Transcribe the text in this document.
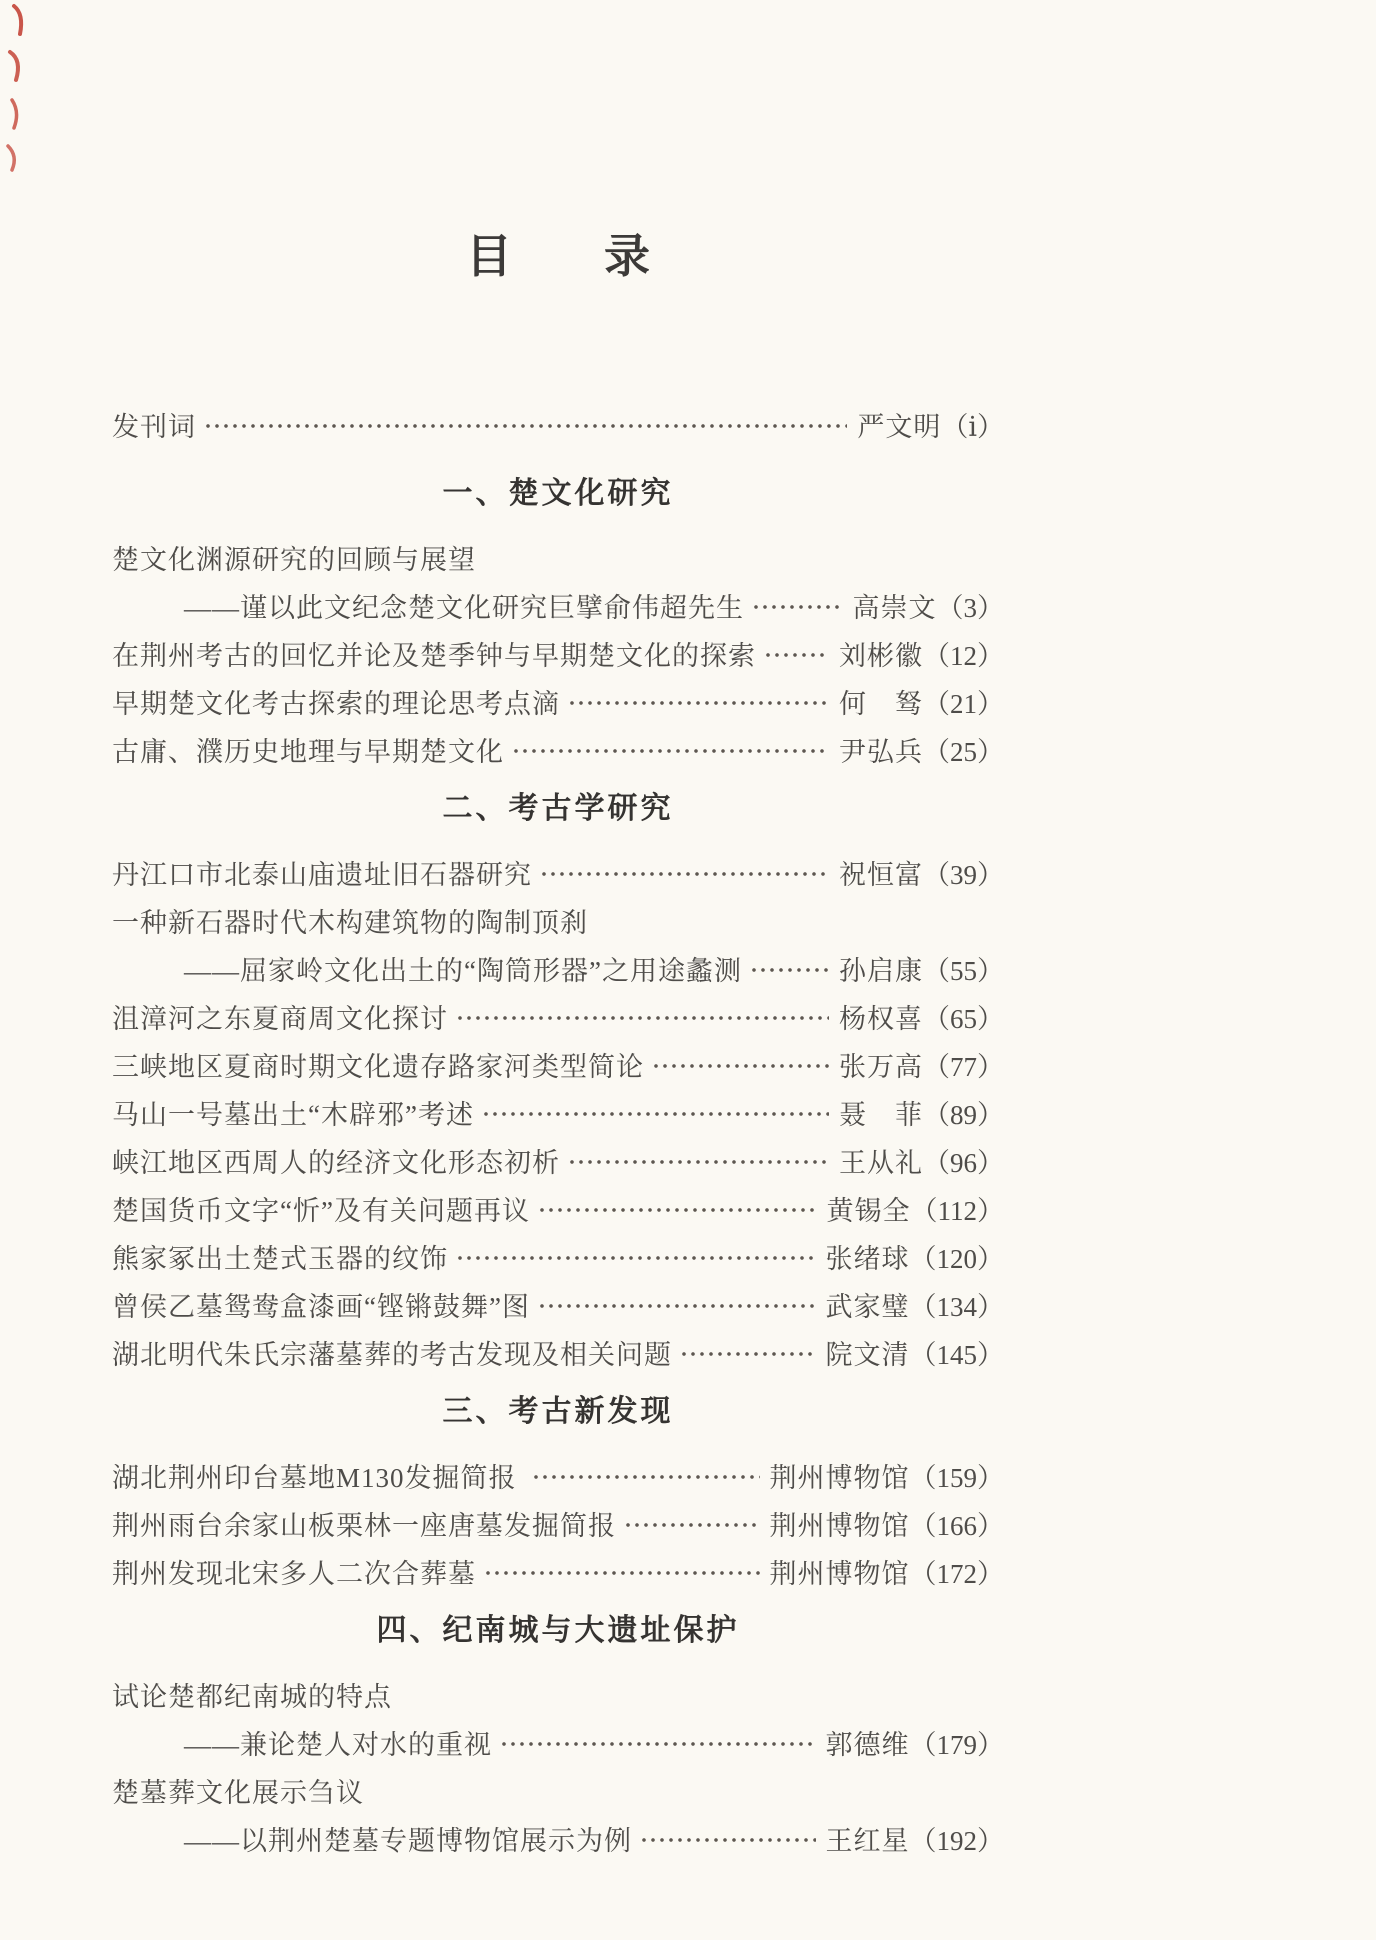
目　　录
发刊词	严文明 （ⅰ）
一、楚文化研究
楚文化渊源研究的回顾与展望
——谨以此文纪念楚文化研究巨擘俞伟超先生	高崇文 （3）
在荆州考古的回忆并论及楚季钟与早期楚文化的探索	刘彬徽 （12）
早期楚文化考古探索的理论思考点滴	何　驽 （21）
古庸、濮历史地理与早期楚文化	尹弘兵 （25）
二、考古学研究
丹江口市北泰山庙遗址旧石器研究	祝恒富 （39）
一种新石器时代木构建筑物的陶制顶刹
——屈家岭文化出土的“陶筒形器”之用途蠡测	孙启康 （55）
沮漳河之东夏商周文化探讨	杨权喜 （65）
三峡地区夏商时期文化遗存路家河类型简论	张万高 （77）
马山一号墓出土“木辟邪”考述	聂　菲 （89）
峡江地区西周人的经济文化形态初析	王从礼 （96）
楚国货币文字“忻”及有关问题再议	黄锡全 （112）
熊家冢出土楚式玉器的纹饰	张绪球 （120）
曾侯乙墓鸳鸯盒漆画“铿锵鼓舞”图	武家璧 （134）
湖北明代朱氏宗藩墓葬的考古发现及相关问题	院文清 （145）
三、考古新发现
湖北荆州印台墓地M130发掘简报	荆州博物馆 （159）
荆州雨台余家山板栗林一座唐墓发掘简报	荆州博物馆 （166）
荆州发现北宋多人二次合葬墓	荆州博物馆 （172）
四、纪南城与大遗址保护
试论楚都纪南城的特点
——兼论楚人对水的重视	郭德维 （179）
楚墓葬文化展示刍议
——以荆州楚墓专题博物馆展示为例	王红星 （192）
